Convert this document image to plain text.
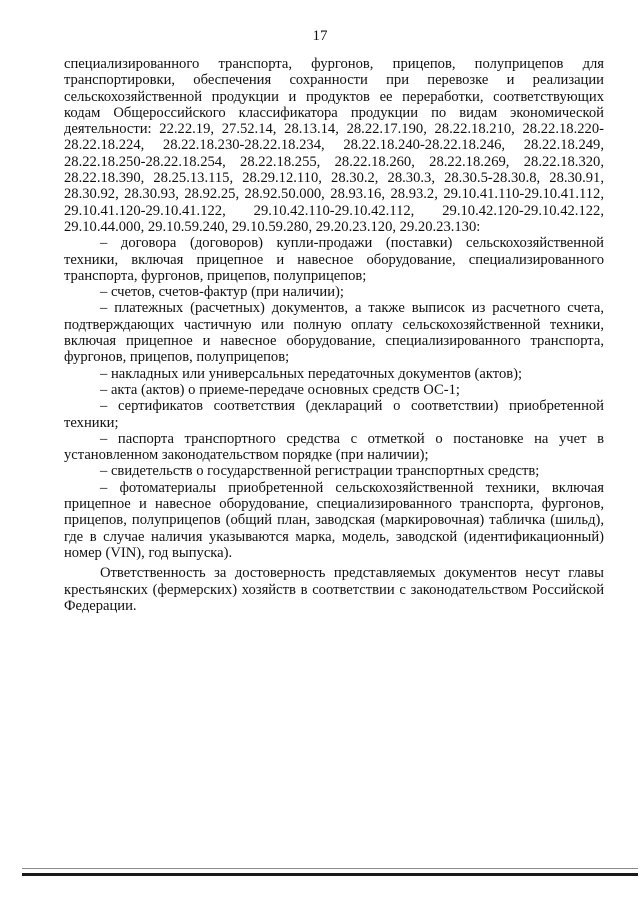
17

специализированного транспорта, фургонов, прицепов, полуприцепов для транспортировки, обеспечения сохранности при перевозке и реализации сельскохозяйственной продукции и продуктов ее переработки, соответствующих кодам Общероссийского классификатора продукции по видам экономической деятельности: 22.22.19, 27.52.14, 28.13.14, 28.22.17.190, 28.22.18.210, 28.22.18.220-28.22.18.224, 28.22.18.230-28.22.18.234, 28.22.18.240-28.22.18.246, 28.22.18.249, 28.22.18.250-28.22.18.254, 28.22.18.255, 28.22.18.260, 28.22.18.269, 28.22.18.320, 28.22.18.390, 28.25.13.115, 28.29.12.110, 28.30.2, 28.30.3, 28.30.5-28.30.8, 28.30.91, 28.30.92, 28.30.93, 28.92.25, 28.92.50.000, 28.93.16, 28.93.2, 29.10.41.110-29.10.41.112, 29.10.41.120-29.10.41.122, 29.10.42.110-29.10.42.112, 29.10.42.120-29.10.42.122, 29.10.44.000, 29.10.59.240, 29.10.59.280, 29.20.23.120, 29.20.23.130:

– договора (договоров) купли-продажи (поставки) сельскохозяйственной техники, включая прицепное и навесное оборудование, специализированного транспорта, фургонов, прицепов, полуприцепов;

– счетов, счетов-фактур (при наличии);

– платежных (расчетных) документов, а также выписок из расчетного счета, подтверждающих частичную или полную оплату сельскохозяйственной техники, включая прицепное и навесное оборудование, специализированного транспорта, фургонов, прицепов, полуприцепов;

– накладных или универсальных передаточных документов (актов);

– акта (актов) о приеме-передаче основных средств ОС-1;

– сертификатов соответствия (деклараций о соответствии) приобретенной техники;

– паспорта транспортного средства с отметкой о постановке на учет в установленном законодательством порядке (при наличии);

– свидетельств о государственной регистрации транспортных средств;

– фотоматериалы приобретенной сельскохозяйственной техники, включая прицепное и навесное оборудование, специализированного транспорта, фургонов, прицепов, полуприцепов (общий план, заводская (маркировочная) табличка (шильд), где в случае наличия указываются марка, модель, заводской (идентификационный) номер (VIN), год выпуска).

Ответственность за достоверность представляемых документов несут главы крестьянских (фермерских) хозяйств в соответствии с законодательством Российской Федерации.
